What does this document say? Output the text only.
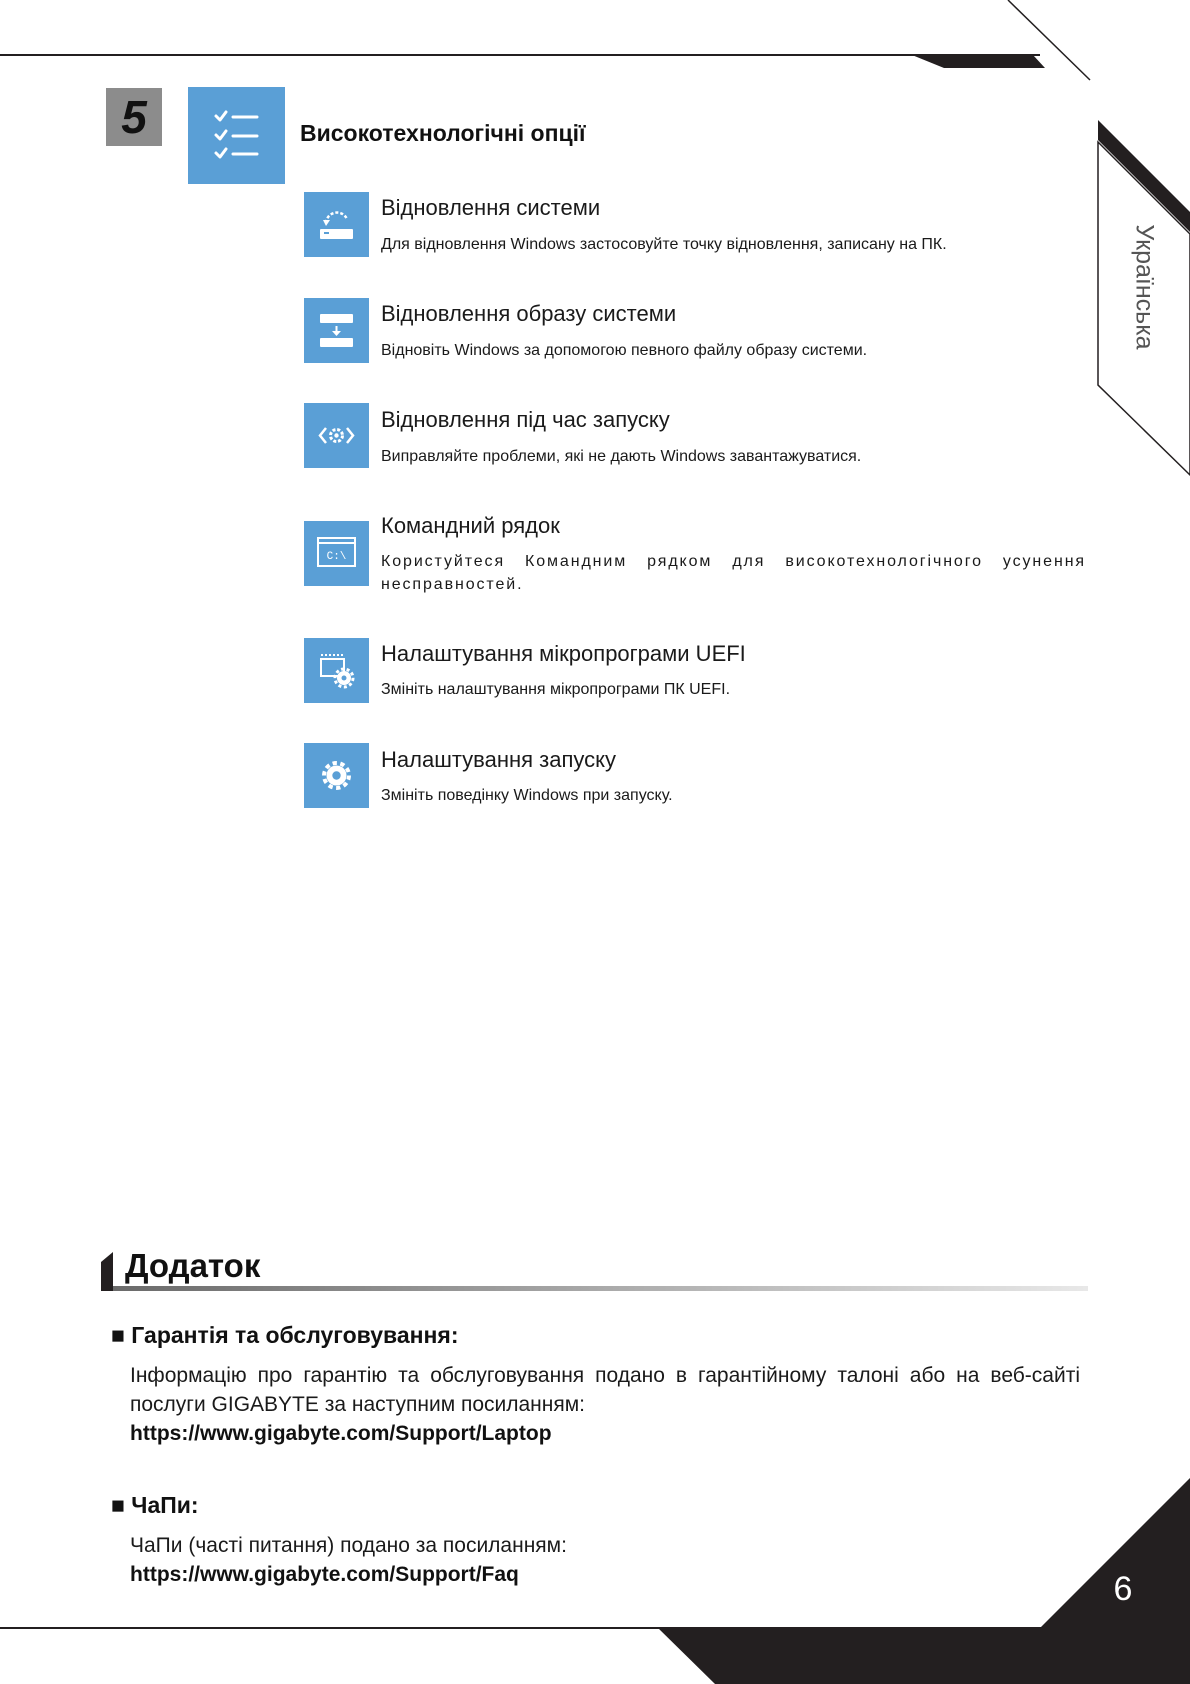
5	Високотехнологічні опції
Відновлення системи
Для відновлення Windows застосовуйте точку відновлення, записану на ПК.
Відновлення образу системи
Відновіть Windows за допомогою певного файлу образу системи.
Відновлення під час запуску
Виправляйте проблеми, які не дають Windows завантажуватися.
C:\
Командний рядок
Користуйтеся Командним рядком для високотехнологічного усунення несправностей.
Налаштування мікропрограми UEFI
Змініть налаштування мікропрограми ПК UEFI.
Налаштування запуску
Змініть поведінку Windows при запуску.
Українська
Додаток
■ Гарантія та обслуговування:
Інформацію про гарантію та обслуговування подано в гарантійному талоні або на веб-сайті послуги GIGABYTE за наступним посиланням:
https://www.gigabyte.com/Support/Laptop
■ ЧаПи:
ЧаПи (часті питання) подано за посиланням:
https://www.gigabyte.com/Support/Faq	6
